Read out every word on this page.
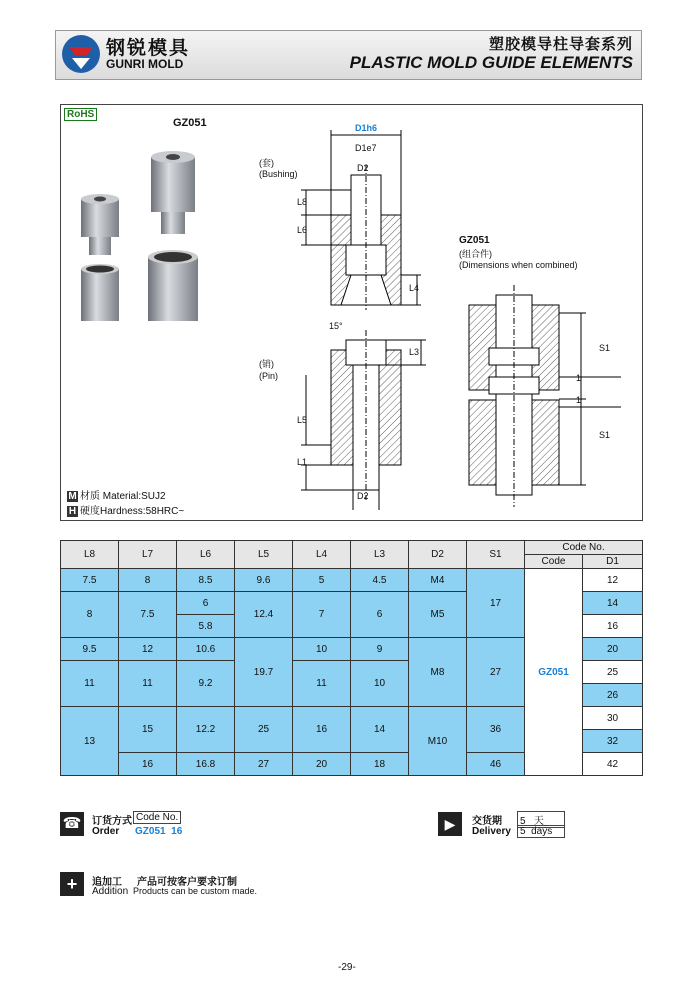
钢锐模具
GUNRI MOLD
塑胶模导柱导套系列
PLASTIC MOLD GUIDE ELEMENTS
RoHS
GZ051	D1h6
D1e7
D2
(套)
(Bushing)
L8
L6
L4
15°
L3
(销)
(Pin)
L5
L1
D2
GZ051
(组合件)
(Dimensions when combined)
S1
S1
1
1
M 材质 Material:SUJ2
H 硬度Hardness:58HRC~
L8	L7	L6	L5	L4	L3	D2	S1	Code No.	
								Code	D1
7.5	8	8.5	9.6	5	4.5	M4	17	GZ051	12
8	7.5	6	12.4	7	6	M5			14
		5.8							16
9.5	12	10.6	19.7	10	9	M8	27		20
11	11	9.2		11	10				25
									26
13	15	12.2	25	16	14	M10	36		30
									32
	16	16.8	27	20	18		46		42
☎ 订货方式
Order
Code No.
GZ051  16	▶	交货期
Delivery
5   天
5  days
+	追加工
Addition
产品可按客户要求订制
Products can be custom made.
-29-
